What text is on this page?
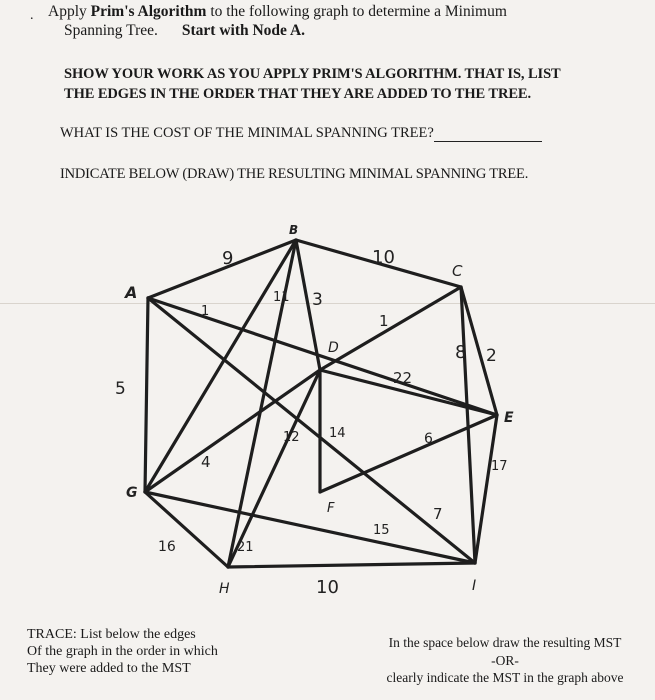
. Apply Prim's Algorithm to the following graph to determine a Minimum
Spanning Tree. Start with Node A.
SHOW YOUR WORK AS YOU APPLY PRIM'S ALGORITHM. THAT IS, LIST
THE EDGES IN THE ORDER THAT THEY ARE ADDED TO THE TREE.
WHAT IS THE COST OF THE MINIMAL SPANNING TREE?
INDICATE BELOW (DRAW) THE RESULTING MINIMAL SPANNING TREE.
A
B
C
D
E
F
G
H	I
9	10
5
16
10
2
17
3
14
21
11
1
22
8
15
1
4
12	6
7
TRACE: List below the edges
Of the graph in the order in which
They were added to the MST
In the space below draw the resulting MST
-OR-
clearly indicate the MST in the graph above
